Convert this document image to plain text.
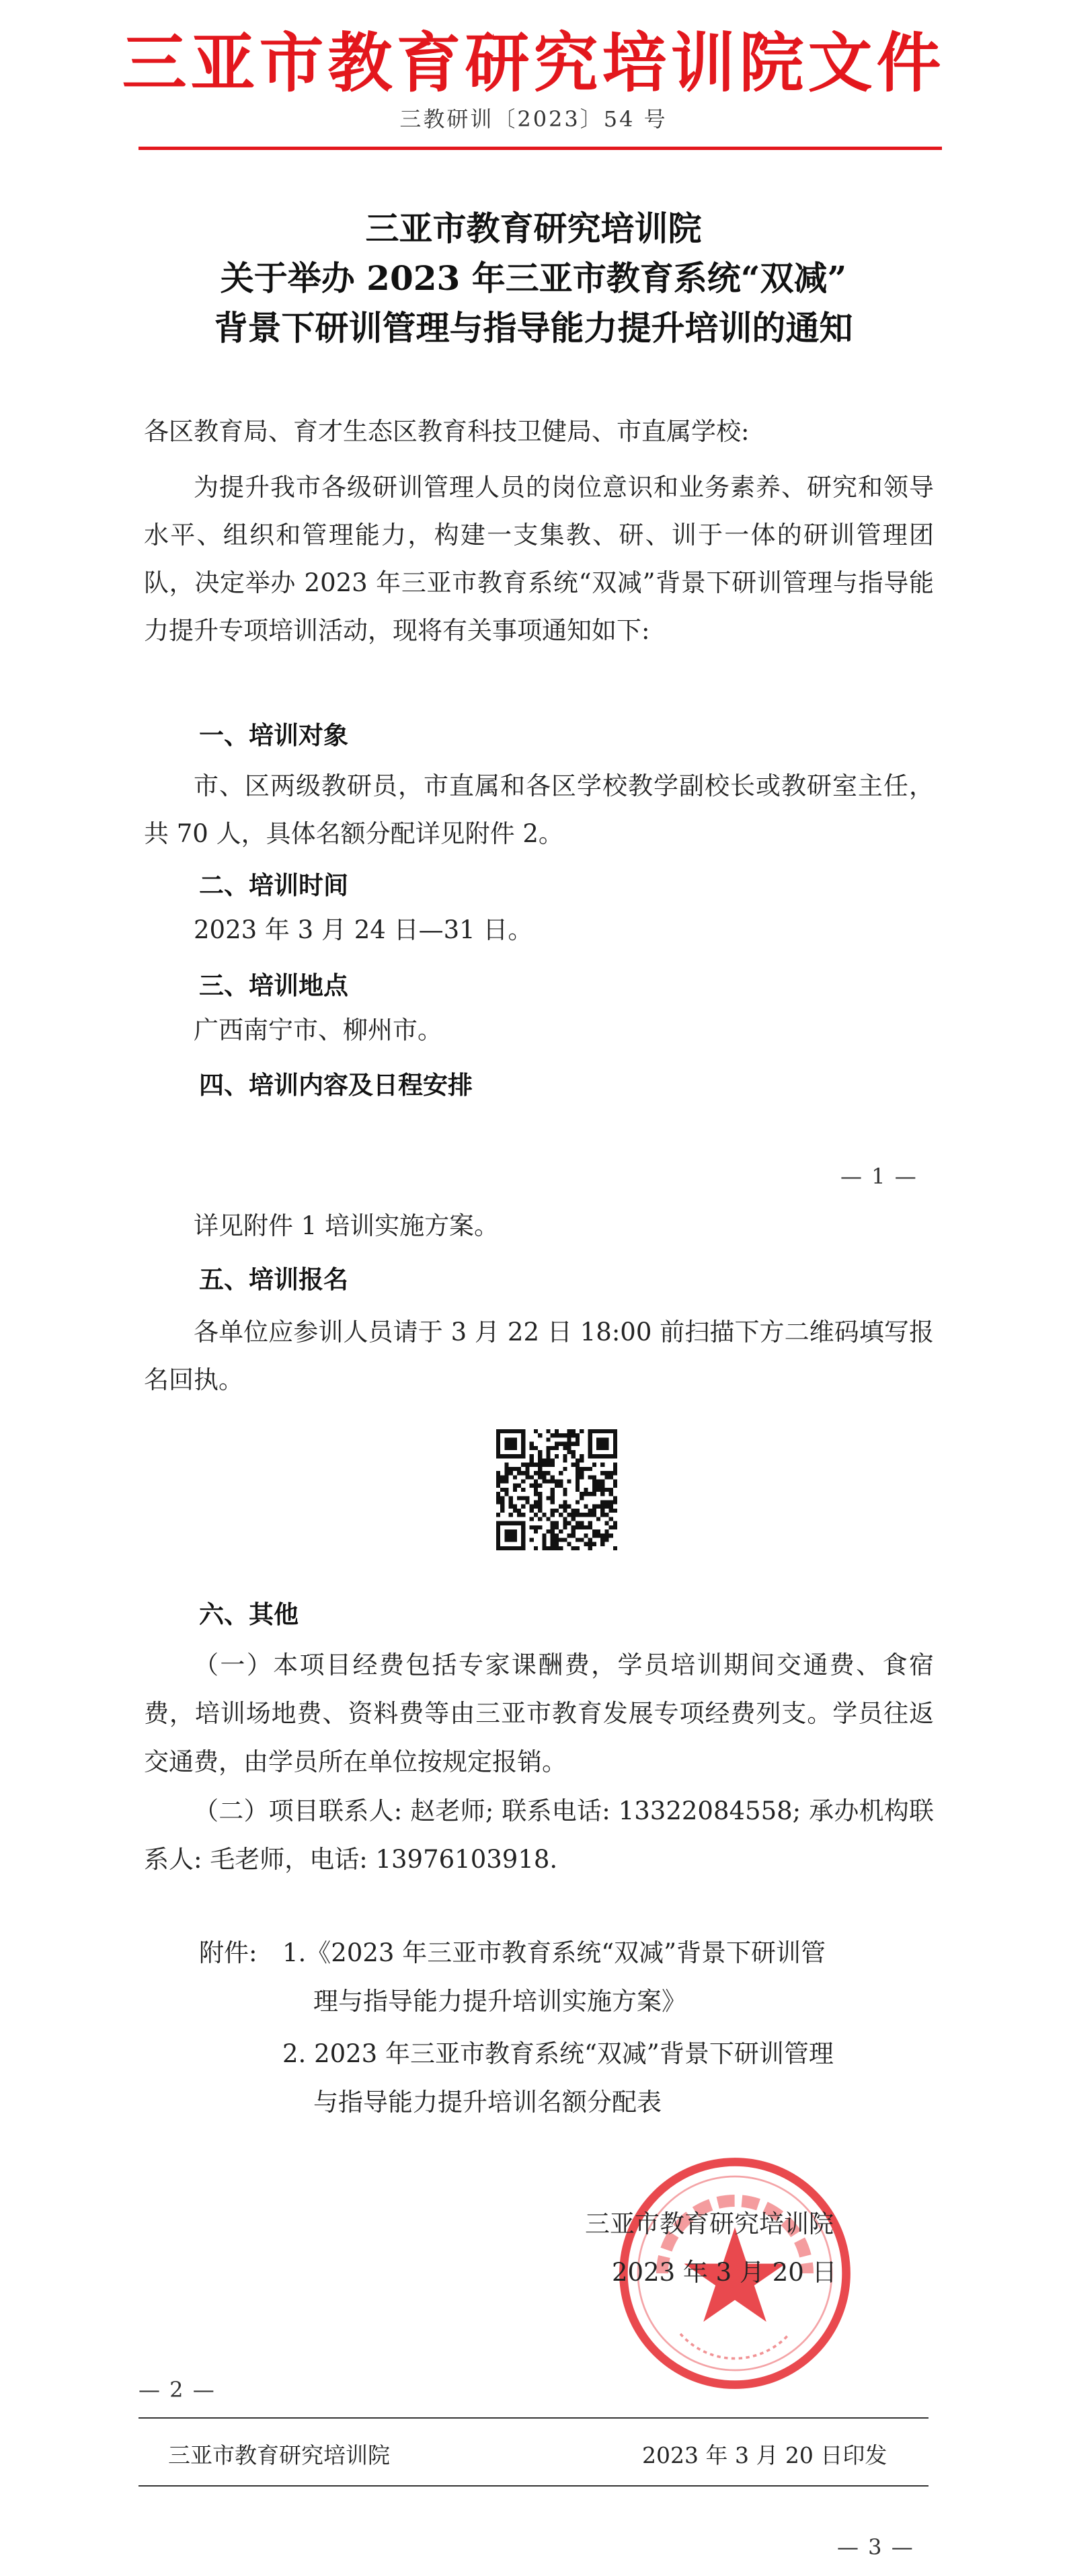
三亚市教育研究培训院文件
三教研训〔2023〕54 号
三亚市教育研究培训院
关于举办 2023 年三亚市教育系统“双减”
背景下研训管理与指导能力提升培训的通知
各区教育局、育才生态区教育科技卫健局、市直属学校:
为提升我市各级研训管理人员的岗位意识和业务素养、研究和领导水平、组织和管理能力，构建一支集教、研、训于一体的研训管理团队，决定举办 2023 年三亚市教育系统“双减”背景下研训管理与指导能力提升专项培训活动，现将有关事项通知如下:
一、培训对象
市、区两级教研员，市直属和各区学校教学副校长或教研室主任，共 70 人，具体名额分配详见附件 2。
二、培训时间
2023 年 3 月 24 日—31 日。
三、培训地点
广西南宁市、柳州市。
四、培训内容及日程安排
— 1 —
详见附件 1 培训实施方案。
五、培训报名
各单位应参训人员请于 3 月 22 日 18:00 前扫描下方二维码填写报名回执。
六、其他
（一）本项目经费包括专家课酬费，学员培训期间交通费、食宿费，培训场地费、资料费等由三亚市教育发展专项经费列支。学员往返交通费，由学员所在单位按规定报销。
（二）项目联系人: 赵老师; 联系电话: 13322084558; 承办机构联系人: 毛老师，电话: 13976103918.
附件: 1.《2023 年三亚市教育系统“双减”背景下研训管
理与指导能力提升培训实施方案》
2. 2023 年三亚市教育系统“双减”背景下研训管理
与指导能力提升培训名额分配表
三亚市教育研究培训院
2023 年 3 月 20 日
— 2 —
三亚市教育研究培训院	2023 年 3 月 20 日印发
— 3 —
